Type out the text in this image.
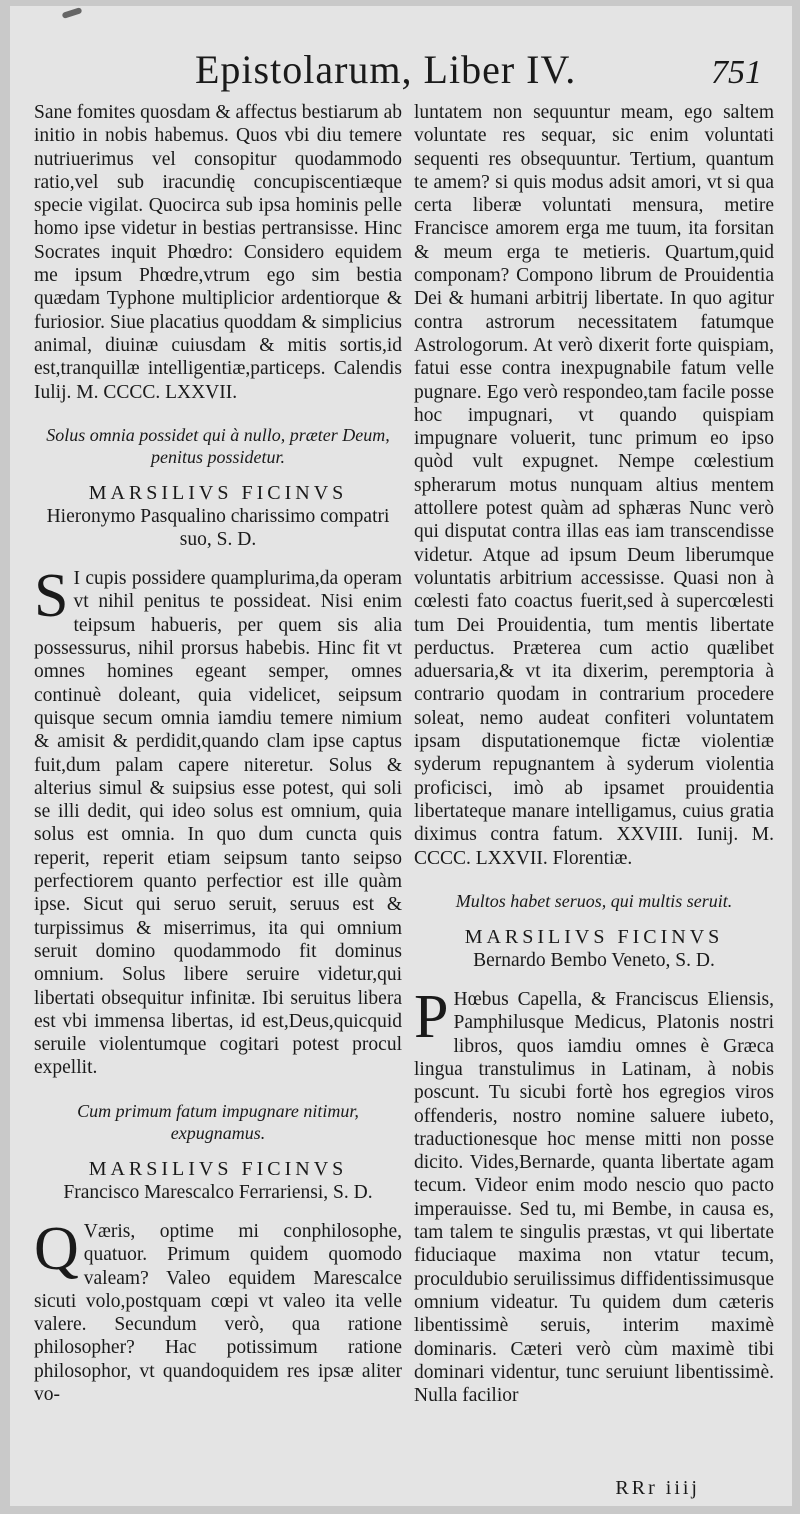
Epistolarum, Liber IV.	751

Sane fomites quosdam & affectus bestiarum ab initio in nobis habemus. Quos vbi diu temere nutriuerimus vel consopitur quodammodo ratio,vel sub iracundię concupiscentiæque specie vigilat. Quocirca sub ipsa hominis pelle homo ipse videtur in bestias pertransisse. Hinc Socrates inquit Phœdro: Considero equidem me ipsum Phœdre,vtrum ego sim bestia quædam Typhone multiplicior ardentiorque & furiosior. Siue placatius quoddam & simplicius animal, diuinæ cuiusdam & mitis sortis,id est,tranquillæ intelligentiæ,particeps. Calendis Iulij. M. CCCC. LXXVII.

Solus omnia possidet qui à nullo, præter Deum, penitus possidetur.
MARSILIVS FICINVS
Hieronymo Pasqualino charissimo compatri suo, S. D.

S I cupis possidere quamplurima,da operam vt nihil penitus te possideat. Nisi enim teipsum habueris, per quem sis alia possessurus, nihil prorsus habebis. Hinc fit vt omnes homines egeant semper, omnes continuè doleant, quia videlicet, seipsum quisque secum omnia iamdiu temere nimium & amisit & perdidit,quando clam ipse captus fuit,dum palam capere niteretur. Solus & alterius simul & suipsius esse potest, qui soli se illi dedit, qui ideo solus est omnium, quia solus est omnia. In quo dum cuncta quis reperit, reperit etiam seipsum tanto seipso perfectiorem quanto perfectior est ille quàm ipse. Sicut qui seruo seruit, seruus est & turpissimus & miserrimus, ita qui omnium seruit domino quodammodo fit dominus omnium. Solus libere seruire videtur,qui libertati obsequitur infinitæ. Ibi seruitus libera est vbi immensa libertas, id est,Deus,quicquid seruile violentumque cogitari potest procul expellit.

Cum primum fatum impugnare nitimur, expugnamus.
MARSILIVS FICINVS
Francisco Marescalco Ferrariensi, S. D.

Q Væris, optime mi conphilosophe, quatuor. Primum quidem quomodo valeam? Valeo equidem Marescalce sicuti volo,postquam cœpi vt valeo ita velle valere. Secundum verò, qua ratione philosopher? Hac potissimum ratione philosophor, vt quandoquidem res ipsæ aliter vo-

luntatem non sequuntur meam, ego saltem voluntate res sequar, sic enim voluntati sequenti res obsequuntur. Tertium, quantum te amem? si quis modus adsit amori, vt si qua certa liberæ voluntati mensura, metire Francisce amorem erga me tuum, ita forsitan & meum erga te metieris. Quartum,quid componam? Compono librum de Prouidentia Dei & humani arbitrij libertate. In quo agitur contra astrorum necessitatem fatumque Astrologorum. At verò dixerit forte quispiam, fatui esse contra inexpugnabile fatum velle pugnare. Ego verò respondeo,tam facile posse hoc impugnari, vt quando quispiam impugnare voluerit, tunc primum eo ipso quòd vult expugnet. Nempe cœlestium spherarum motus nunquam altius mentem attollere potest quàm ad sphæras Nunc verò qui disputat contra illas eas iam transcendisse videtur. Atque ad ipsum Deum liberumque voluntatis arbitrium accessisse. Quasi non à cœlesti fato coactus fuerit,sed à supercœlesti tum Dei Prouidentia, tum mentis libertate perductus. Præterea cum actio quælibet aduersaria,& vt ita dixerim, peremptoria à contrario quodam in contrarium procedere soleat, nemo audeat confiteri voluntatem ipsam disputationemque fictæ violentiæ syderum repugnantem à syderum violentia proficisci, imò ab ipsamet prouidentia libertateque manare intelligamus, cuius gratia diximus contra fatum. XXVIII. Iunij. M. CCCC. LXXVII. Florentiæ.

Multos habet seruos, qui multis seruit.
MARSILIVS FICINVS
Bernardo Bembo Veneto, S. D.

P Hœbus Capella, & Franciscus Eliensis, Pamphilusque Medicus, Platonis nostri libros, quos iamdiu omnes è Græca lingua transtulimus in Latinam, à nobis poscunt. Tu sicubi fortè hos egregios viros offenderis, nostro nomine saluere iubeto, traductionesque hoc mense mitti non posse dicito. Vides,Bernarde, quanta libertate agam tecum. Videor enim modo nescio quo pacto imperauisse. Sed tu, mi Bembe, in causa es, tam talem te singulis præstas, vt qui libertate fiduciaque maxima non vtatur tecum, proculdubio seruilissimus diffidentissimusque omnium videatur. Tu quidem dum cæteris libentissimè seruis, interim maximè dominaris. Cæteri verò cùm maximè tibi dominari videntur, tunc seruiunt libentissimè. Nulla facilior

RRr iiij
